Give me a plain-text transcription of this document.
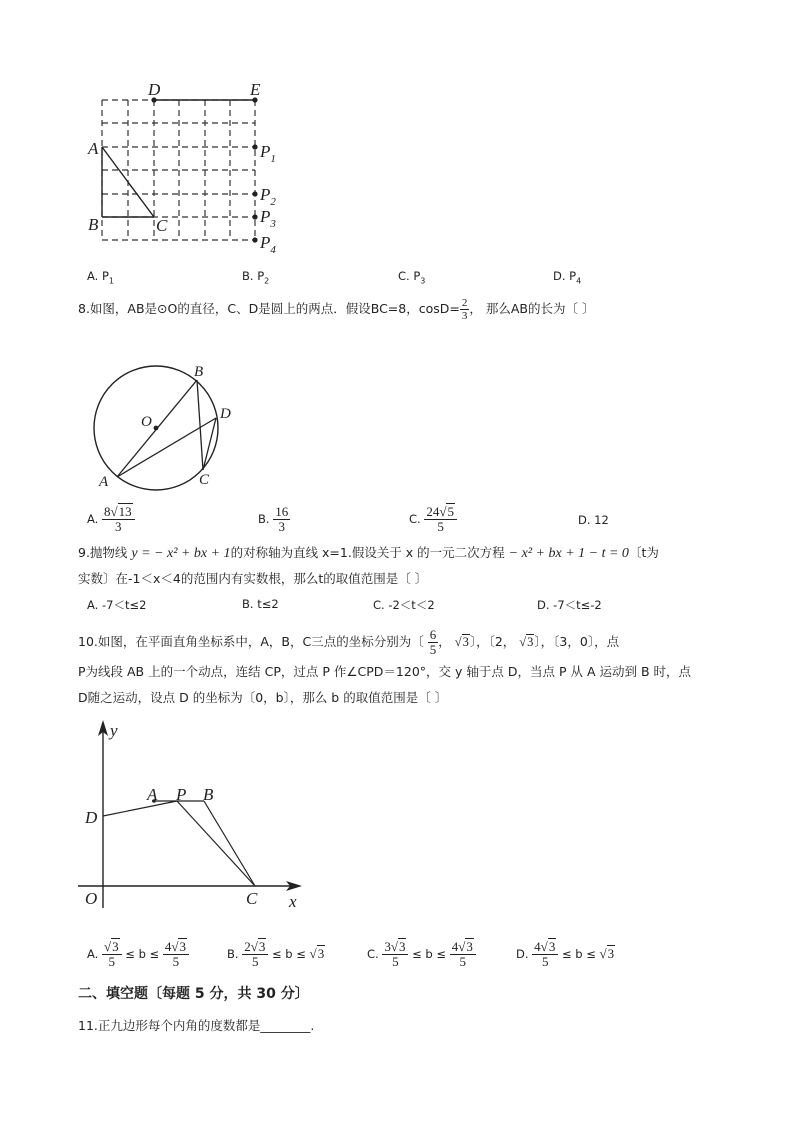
D	E
A
B	C
$P_1$
$P_2$
$P_3$
$P_4$
A. $P_1$	B. $P_2$	C. $P_3$	D. $P_4$
8.如图，AB是⊙O的直径，C、D是圆上的两点．假设BC=8，$\cos D= \frac{2}{3}$ ， 那么AB的长为〔 〕
B
O	D
A	C
A. $\frac{8√13}{3}$	B. $\frac{16}{3}$	C. $\frac{24√5}{5}$	D. 12
9.抛物线 y = − x² + bx + 1的对称轴为直线 x=1.假设关于 x 的一元二次方程 − x² + bx + 1 − t = 0〔t为
实数〕在-1＜x＜4的范围内有实数根，那么t的取值范围是〔 〕
A. -7＜t≤2	B. t≤2	C. -2＜t＜2	D. -7＜t≤-2
10.如图，在平面直角坐标系中，A，B，C三点的坐标分别为〔 $\frac{6}{5}$ ， √3〕，〔2， √3〕，〔3，0〕，点
P为线段 AB 上的一个动点，连结 CP，过点 P 作∠CPD＝120°，交 y 轴于点 D，当点 P 从 A 运动到 B 时，点
D随之运动，设点 D 的坐标为〔0，b〕，那么 b 的取值范围是〔 〕
y
D
O
A P B
C x
A. $\frac{√3}{5} \le b \le \frac{4√3}{5}$	B. $\frac{2√3}{5} \le b \le √3$	C. $\frac{3√3}{5} \le b \le \frac{4√3}{5}$	D. $\frac{4√3}{5} \le b \le √3$
二、填空题〔每题 5 分，共 30 分〕
11.正九边形每个内角的度数都是________.
